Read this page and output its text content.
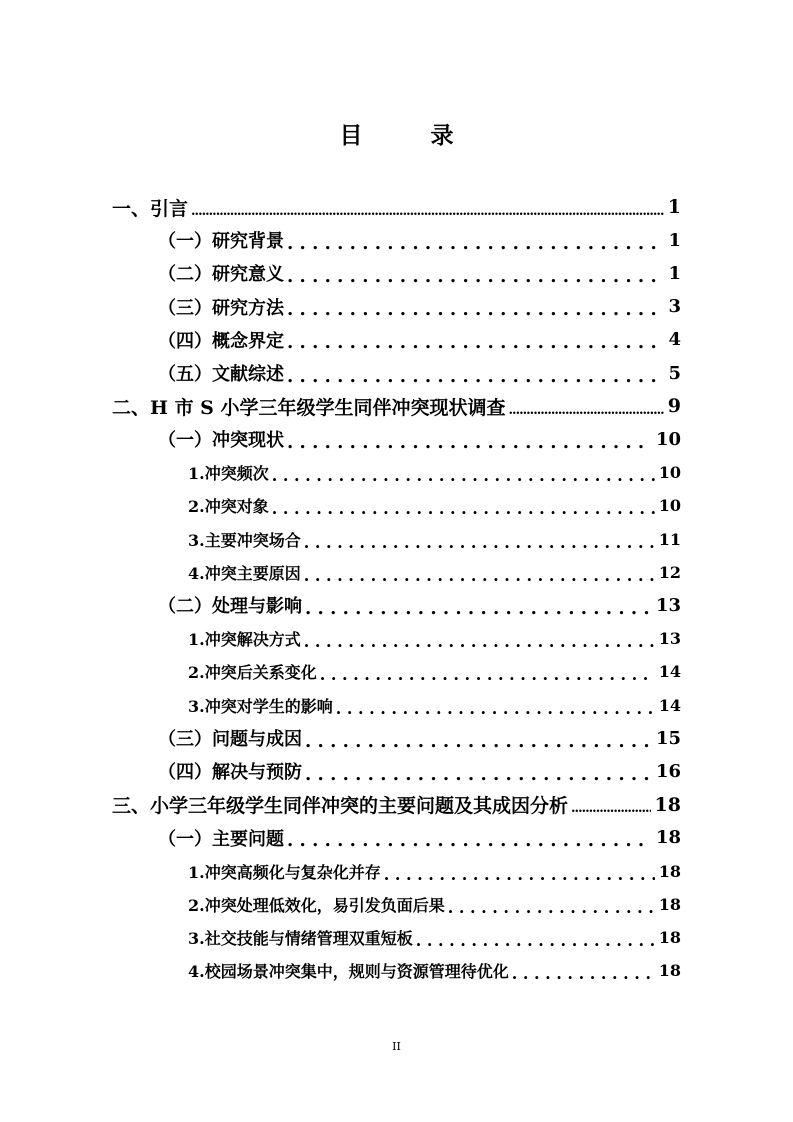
目 录
一、引言 .....	1
（一）研究背景 . . .	1
（二）研究意义 . . .	1
（三）研究方法 . . .	3
（四）概念界定 . . .	4
（五）文献综述 . . .	5
二、H 市 S 小学三年级学生同伴冲突现状调查 .....	9
（一）冲突现状 . . .	10
1.冲突频次 . . .	10
2.冲突对象 . . .	10
3.主要冲突场合 . . .	11
4.冲突主要原因 . . .	12
（二）处理与影响 . . .	13
1.冲突解决方式 . . .	13
2.冲突后关系变化 . . .	14
3.冲突对学生的影响 . . .	14
（三）问题与成因 . . .	15
（四）解决与预防 . . .	16
三、小学三年级学生同伴冲突的主要问题及其成因分析 .....	18
（一）主要问题 . . .	18
1.冲突高频化与复杂化并存 . . .	18
2.冲突处理低效化，易引发负面后果 . . .	18
3.社交技能与情绪管理双重短板 . . .	18
4.校园场景冲突集中，规则与资源管理待优化 . . .	18
II
